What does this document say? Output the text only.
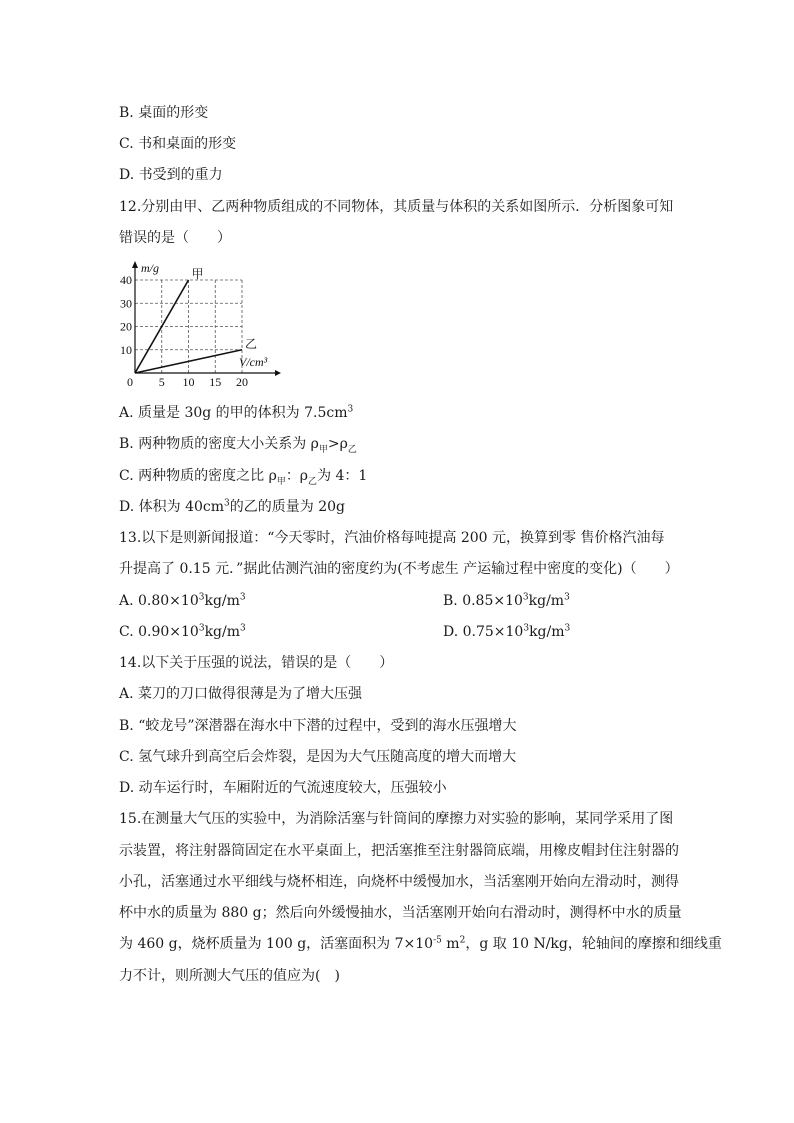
B. 桌面的形变
C. 书和桌面的形变
D. 书受到的重力
12.分别由甲、乙两种物质组成的不同物体，其质量与体积的关系如图所示．分析图象可知
错误的是（　　）
0 5 10 15 20
10
20
30
40	甲
乙
m/g
V/cm³
A. 质量是 30g 的甲的体积为 $7.5cm^3$
B. 两种物质的密度大小关系为 $\rho_甲>\rho_乙$
C. 两种物质的密度之比 $\rho_甲$：$\rho_乙$为 4：1
D. 体积为 $40cm^3$的乙的质量为 20g
13.以下是则新闻报道：“今天零时，汽油价格每吨提高 200 元，换算到零 售价格汽油每
升提高了 0.15 元．”据此估测汽油的密度约为(不考虑生 产运输过程中密度的变化)（　　）
A. $0.80\times 10^3kg/m^3$	B. $0.85\times 10^3kg/m^3$
C. $0.90\times 10^3kg/m^3$	D. $0.75\times 10^3kg/m^3$
14.以下关于压强的说法，错误的是（　　）
A. 菜刀的刀口做得很薄是为了增大压强
B. “蛟龙号”深潜器在海水中下潜的过程中，受到的海水压强增大
C. 氢气球升到高空后会炸裂，是因为大气压随高度的增大而增大
D. 动车运行时，车厢附近的气流速度较大，压强较小
15.在测量大气压的实验中，为消除活塞与针筒间的摩擦力对实验的影响，某同学采用了图
示装置，将注射器筒固定在水平桌面上，把活塞推至注射器筒底端，用橡皮帽封住注射器的
小孔，活塞通过水平细线与烧杯相连，向烧杯中缓慢加水，当活塞刚开始向左滑动时，测得
杯中水的质量为 880 g；然后向外缓慢抽水，当活塞刚开始向右滑动时，测得杯中水的质量
为 460 g，烧杯质量为 100 g，活塞面积为 $7\times 10^{-5}$ $m^2$，g 取 10 N/kg，轮轴间的摩擦和细线重
力不计，则所测大气压的值应为(　)
